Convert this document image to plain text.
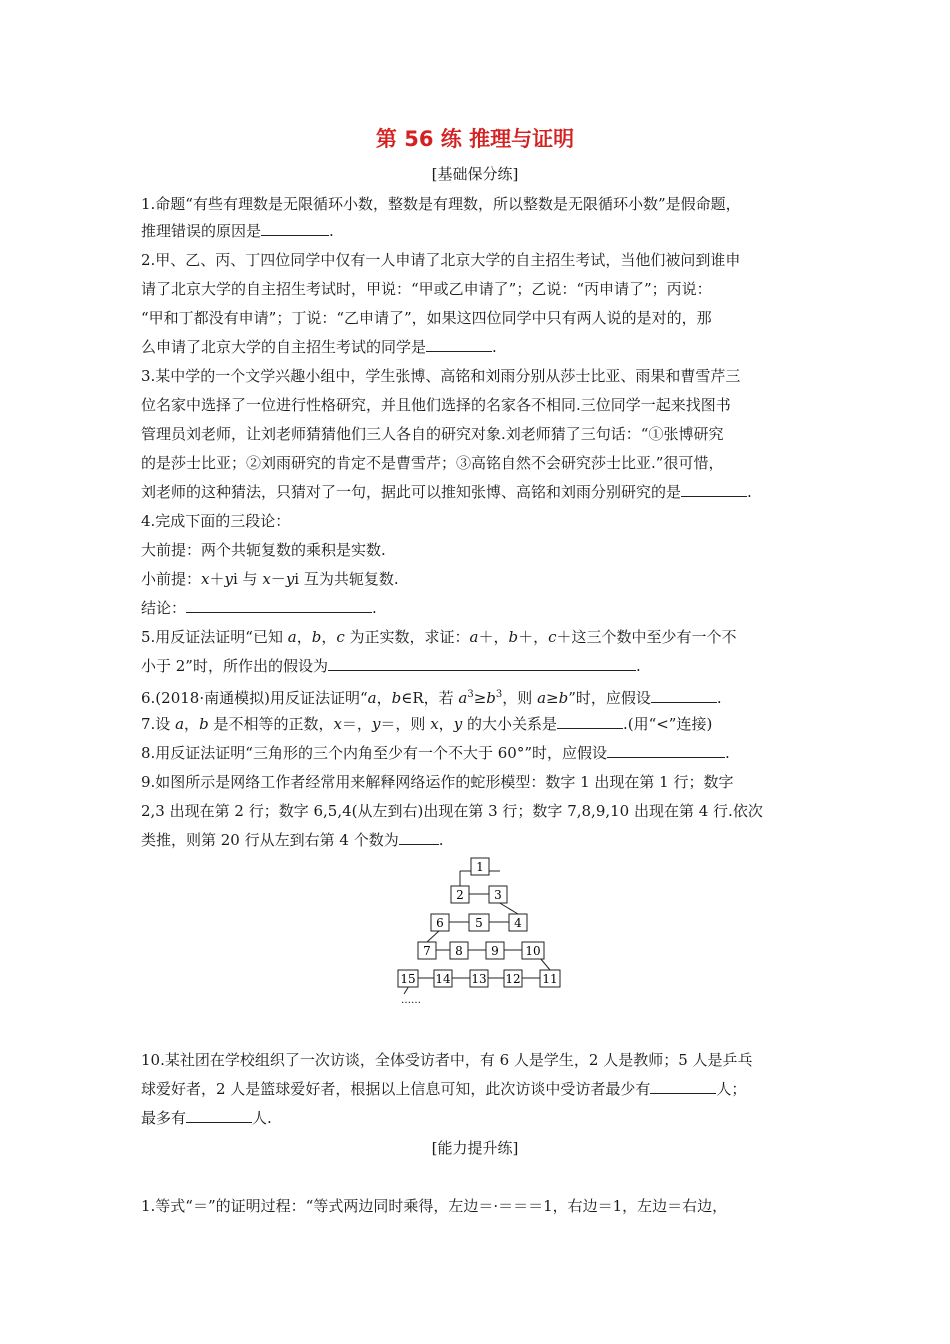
第 56 练 推理与证明
[基础保分练]
1.命题“有些有理数是无限循环小数，整数是有理数，所以整数是无限循环小数”是假命题，
推理错误的原因是	.
2.甲、乙、丙、丁四位同学中仅有一人申请了北京大学的自主招生考试，当他们被问到谁申
请了北京大学的自主招生考试时，甲说：“甲或乙申请了”；乙说：“丙申请了”；丙说：
“甲和丁都没有申请”；丁说：“乙申请了”，如果这四位同学中只有两人说的是对的，那
么申请了北京大学的自主招生考试的同学是	.
3.某中学的一个文学兴趣小组中，学生张博、高铭和刘雨分别从莎士比亚、雨果和曹雪芹三
位名家中选择了一位进行性格研究，并且他们选择的名家各不相同.三位同学一起来找图书
管理员刘老师，让刘老师猜猜他们三人各自的研究对象.刘老师猜了三句话：“①张博研究
的是莎士比亚；②刘雨研究的肯定不是曹雪芹；③高铭自然不会研究莎士比亚.”很可惜，
刘老师的这种猜法，只猜对了一句，据此可以推知张博、高铭和刘雨分别研究的是	.
4.完成下面的三段论：
大前提：两个共轭复数的乘积是实数.
小前提：x＋yi 与 x－yi 互为共轭复数.
结论：	.
5.用反证法证明“已知 a，b，c 为正实数，求证：a＋，b＋，c＋这三个数中至少有一个不
小于 2”时，所作出的假设为	.
6.(2018·南通模拟)用反证法证明“a，b∈R，若 $a^3\ge b^3$，则 a≥b”时，应假设	.
7.设 a，b 是不相等的正数，x＝，y＝，则 x，y 的大小关系是	.(用“<”连接)
8.用反证法证明“三角形的三个内角至少有一个不大于 60°”时，应假设	.
9.如图所示是网络工作者经常用来解释网络运作的蛇形模型：数字 1 出现在第 1 行；数字
2,3 出现在第 2 行；数字 6,5,4(从左到右)出现在第 3 行；数字 7,8,9,10 出现在第 4 行.依次
类推，则第 20 行从左到右第 4 个数为	.
1
2	3
6	5	4
7 8 9 10
15 14 13 12 11
……
10.某社团在学校组织了一次访谈，全体受访者中，有 6 人是学生，2 人是教师；5 人是乒乓
球爱好者，2 人是篮球爱好者，根据以上信息可知，此次访谈中受访者最少有	人；
最多有	人.
[能力提升练]
1.等式“＝”的证明过程：“等式两边同时乘得，左边＝·＝＝＝1，右边＝1，左边＝右边，
